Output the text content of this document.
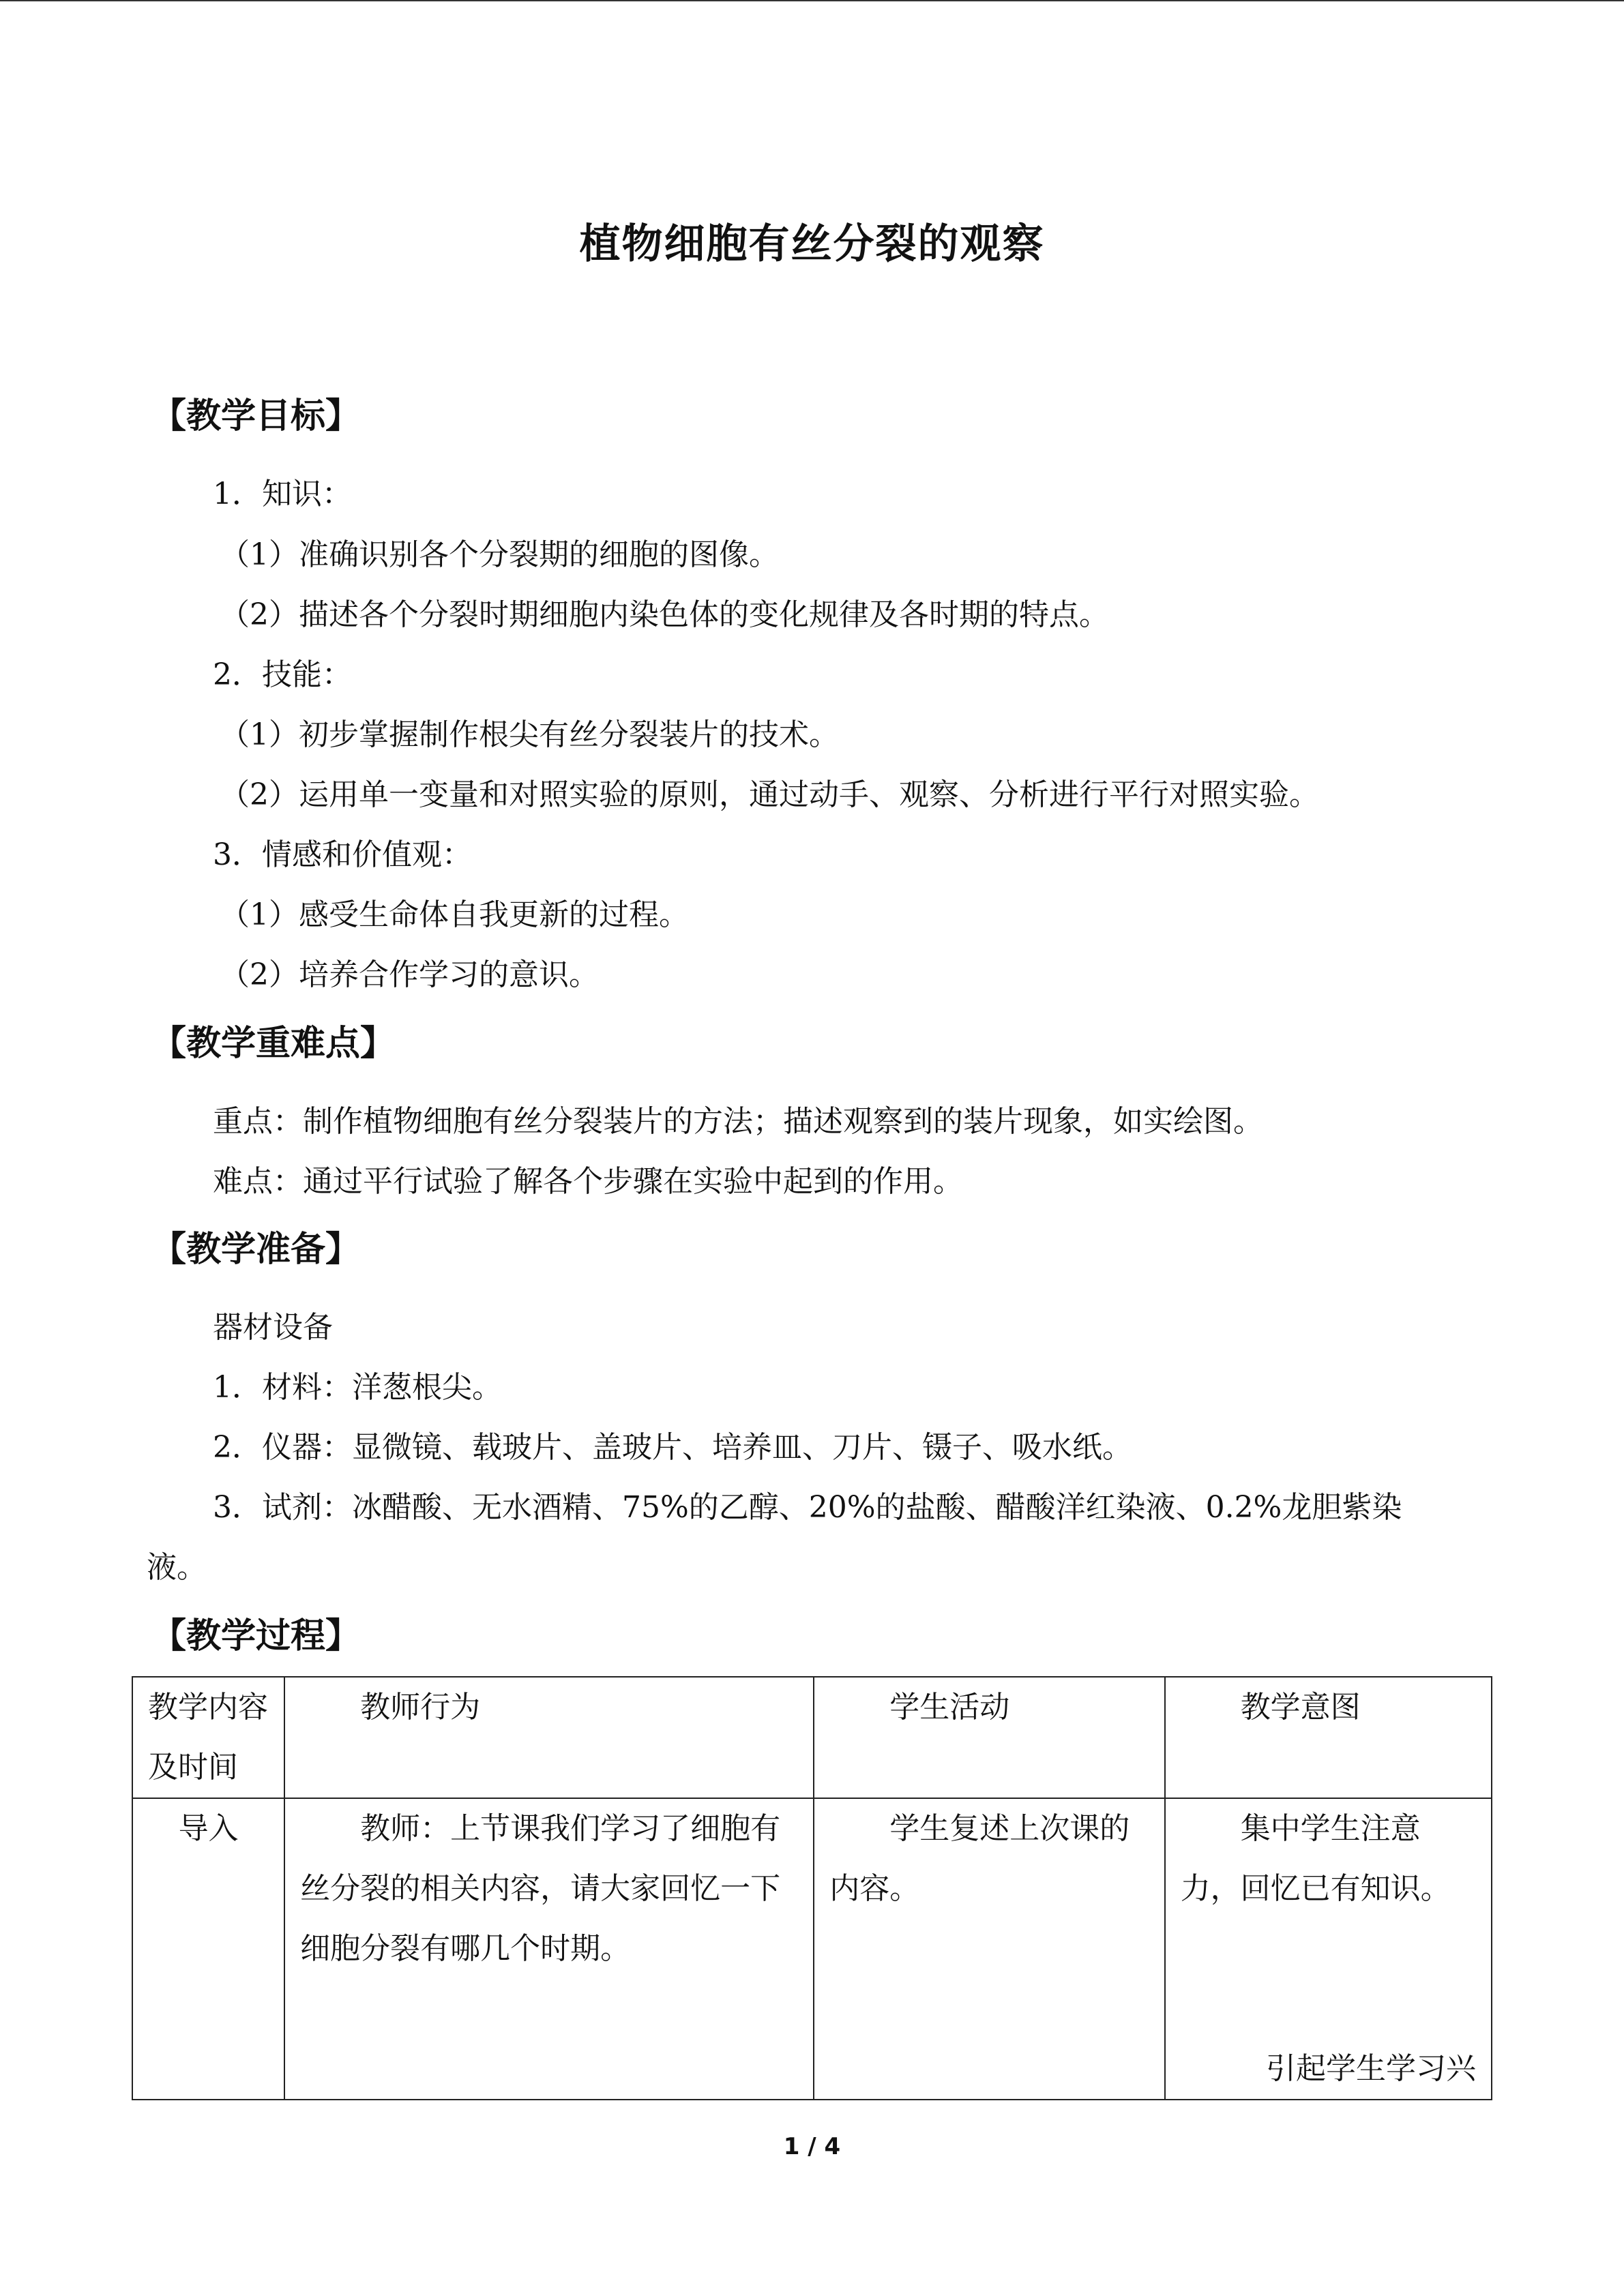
植物细胞有丝分裂的观察
【教学目标】
1．知识：
（1）准确识别各个分裂期的细胞的图像。
（2）描述各个分裂时期细胞内染色体的变化规律及各时期的特点。
2．技能：
（1）初步掌握制作根尖有丝分裂装片的技术。
（2）运用单一变量和对照实验的原则，通过动手、观察、分析进行平行对照实验。
3．情感和价值观：
（1）感受生命体自我更新的过程。
（2）培养合作学习的意识。
【教学重难点】
重点：制作植物细胞有丝分裂装片的方法；描述观察到的装片现象，如实绘图。
难点：通过平行试验了解各个步骤在实验中起到的作用。
【教学准备】
器材设备
1．材料：洋葱根尖。
2．仪器：显微镜、载玻片、盖玻片、培养皿、刀片、镊子、吸水纸。
3．试剂：冰醋酸、无水酒精、75%的乙醇、20%的盐酸、醋酸洋红染液、0.2%龙胆紫染
液。
【教学过程】
教学内容及时间	教师行为	学生活动	教学意图
导入	教师：上节课我们学习了细胞有丝分裂的相关内容，请大家回忆一下细胞分裂有哪几个时期。	学生复述上次课的内容。	集中学生注意力，回忆已有知识。
引起学生学习兴
1 / 4
